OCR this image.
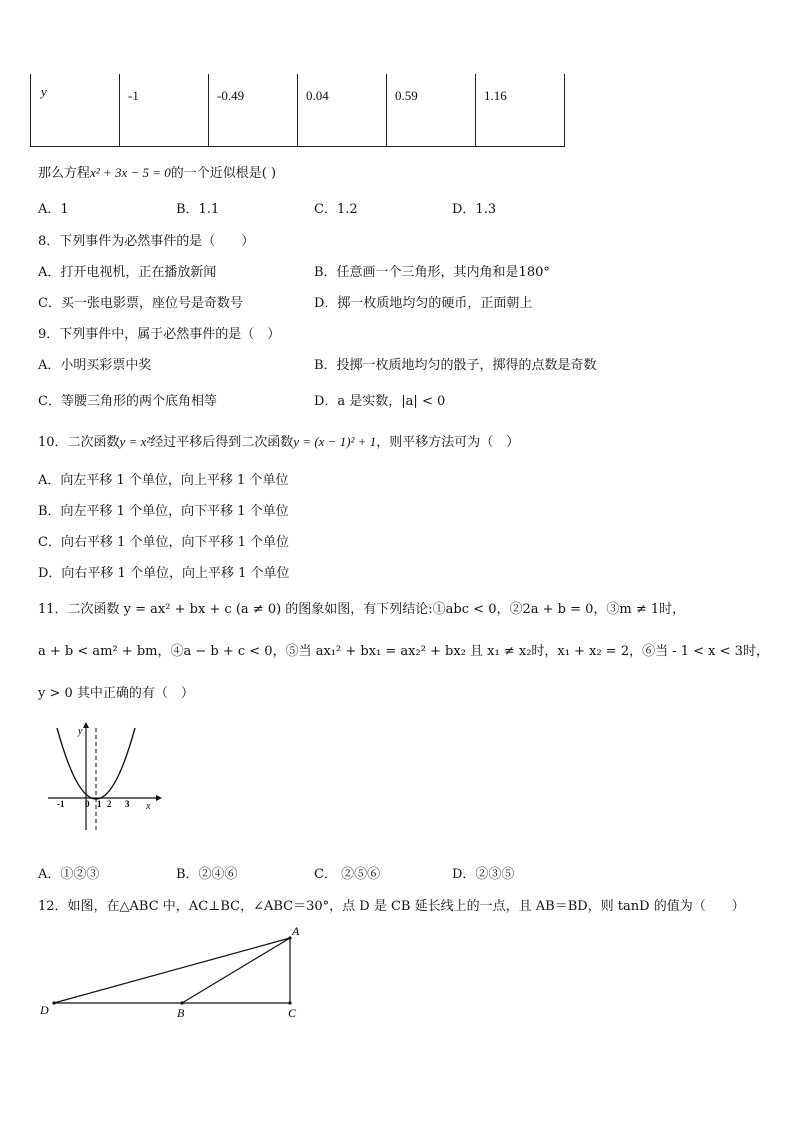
y	-1	-0.49	0.04	0.59	1.16
那么方程x² + 3x − 5 = 0的一个近似根是( )
A．1	B．1.1	C．1.2	D．1.3
8．下列事件为必然事件的是（　　）
A．打开电视机，正在播放新闻	B．任意画一个三角形，其内角和是180°
C．买一张电影票，座位号是奇数号	D．掷一枚质地均匀的硬币，正面朝上
9．下列事件中，属于必然事件的是（　）
A．小明买彩票中奖	B．投掷一枚质地均匀的骰子，掷得的点数是奇数
C．等腰三角形的两个底角相等	D．a 是实数，|a| < 0
10．二次函数y = x²经过平移后得到二次函数y = (x − 1)² + 1，则平移方法可为（　）
A．向左平移 1 个单位，向上平移 1 个单位
B．向左平移 1 个单位，向下平移 1 个单位
C．向右平移 1 个单位，向下平移 1 个单位
D．向右平移 1 个单位，向上平移 1 个单位
11．二次函数 y = ax² + bx + c (a ≠ 0) 的图象如图，有下列结论:①abc < 0，②2a + b = 0，③m ≠ 1时，
a + b < am² + bm，④a − b + c < 0，⑤当 ax₁² + bx₁ = ax₂² + bx₂ 且 x₁ ≠ x₂时，x₁ + x₂ = 2，⑥当 - 1 < x < 3时，
y > 0 其中正确的有（　）
y
x
-1 0 1 2 3
A．①②③	B．②④⑥	C． ②⑤⑥	D．②③⑤
12．如图，在△ABC 中，AC⊥BC，∠ABC＝30°，点 D 是 CB 延长线上的一点，且 AB＝BD，则 tanD 的值为（　　）
A
B	C
D
